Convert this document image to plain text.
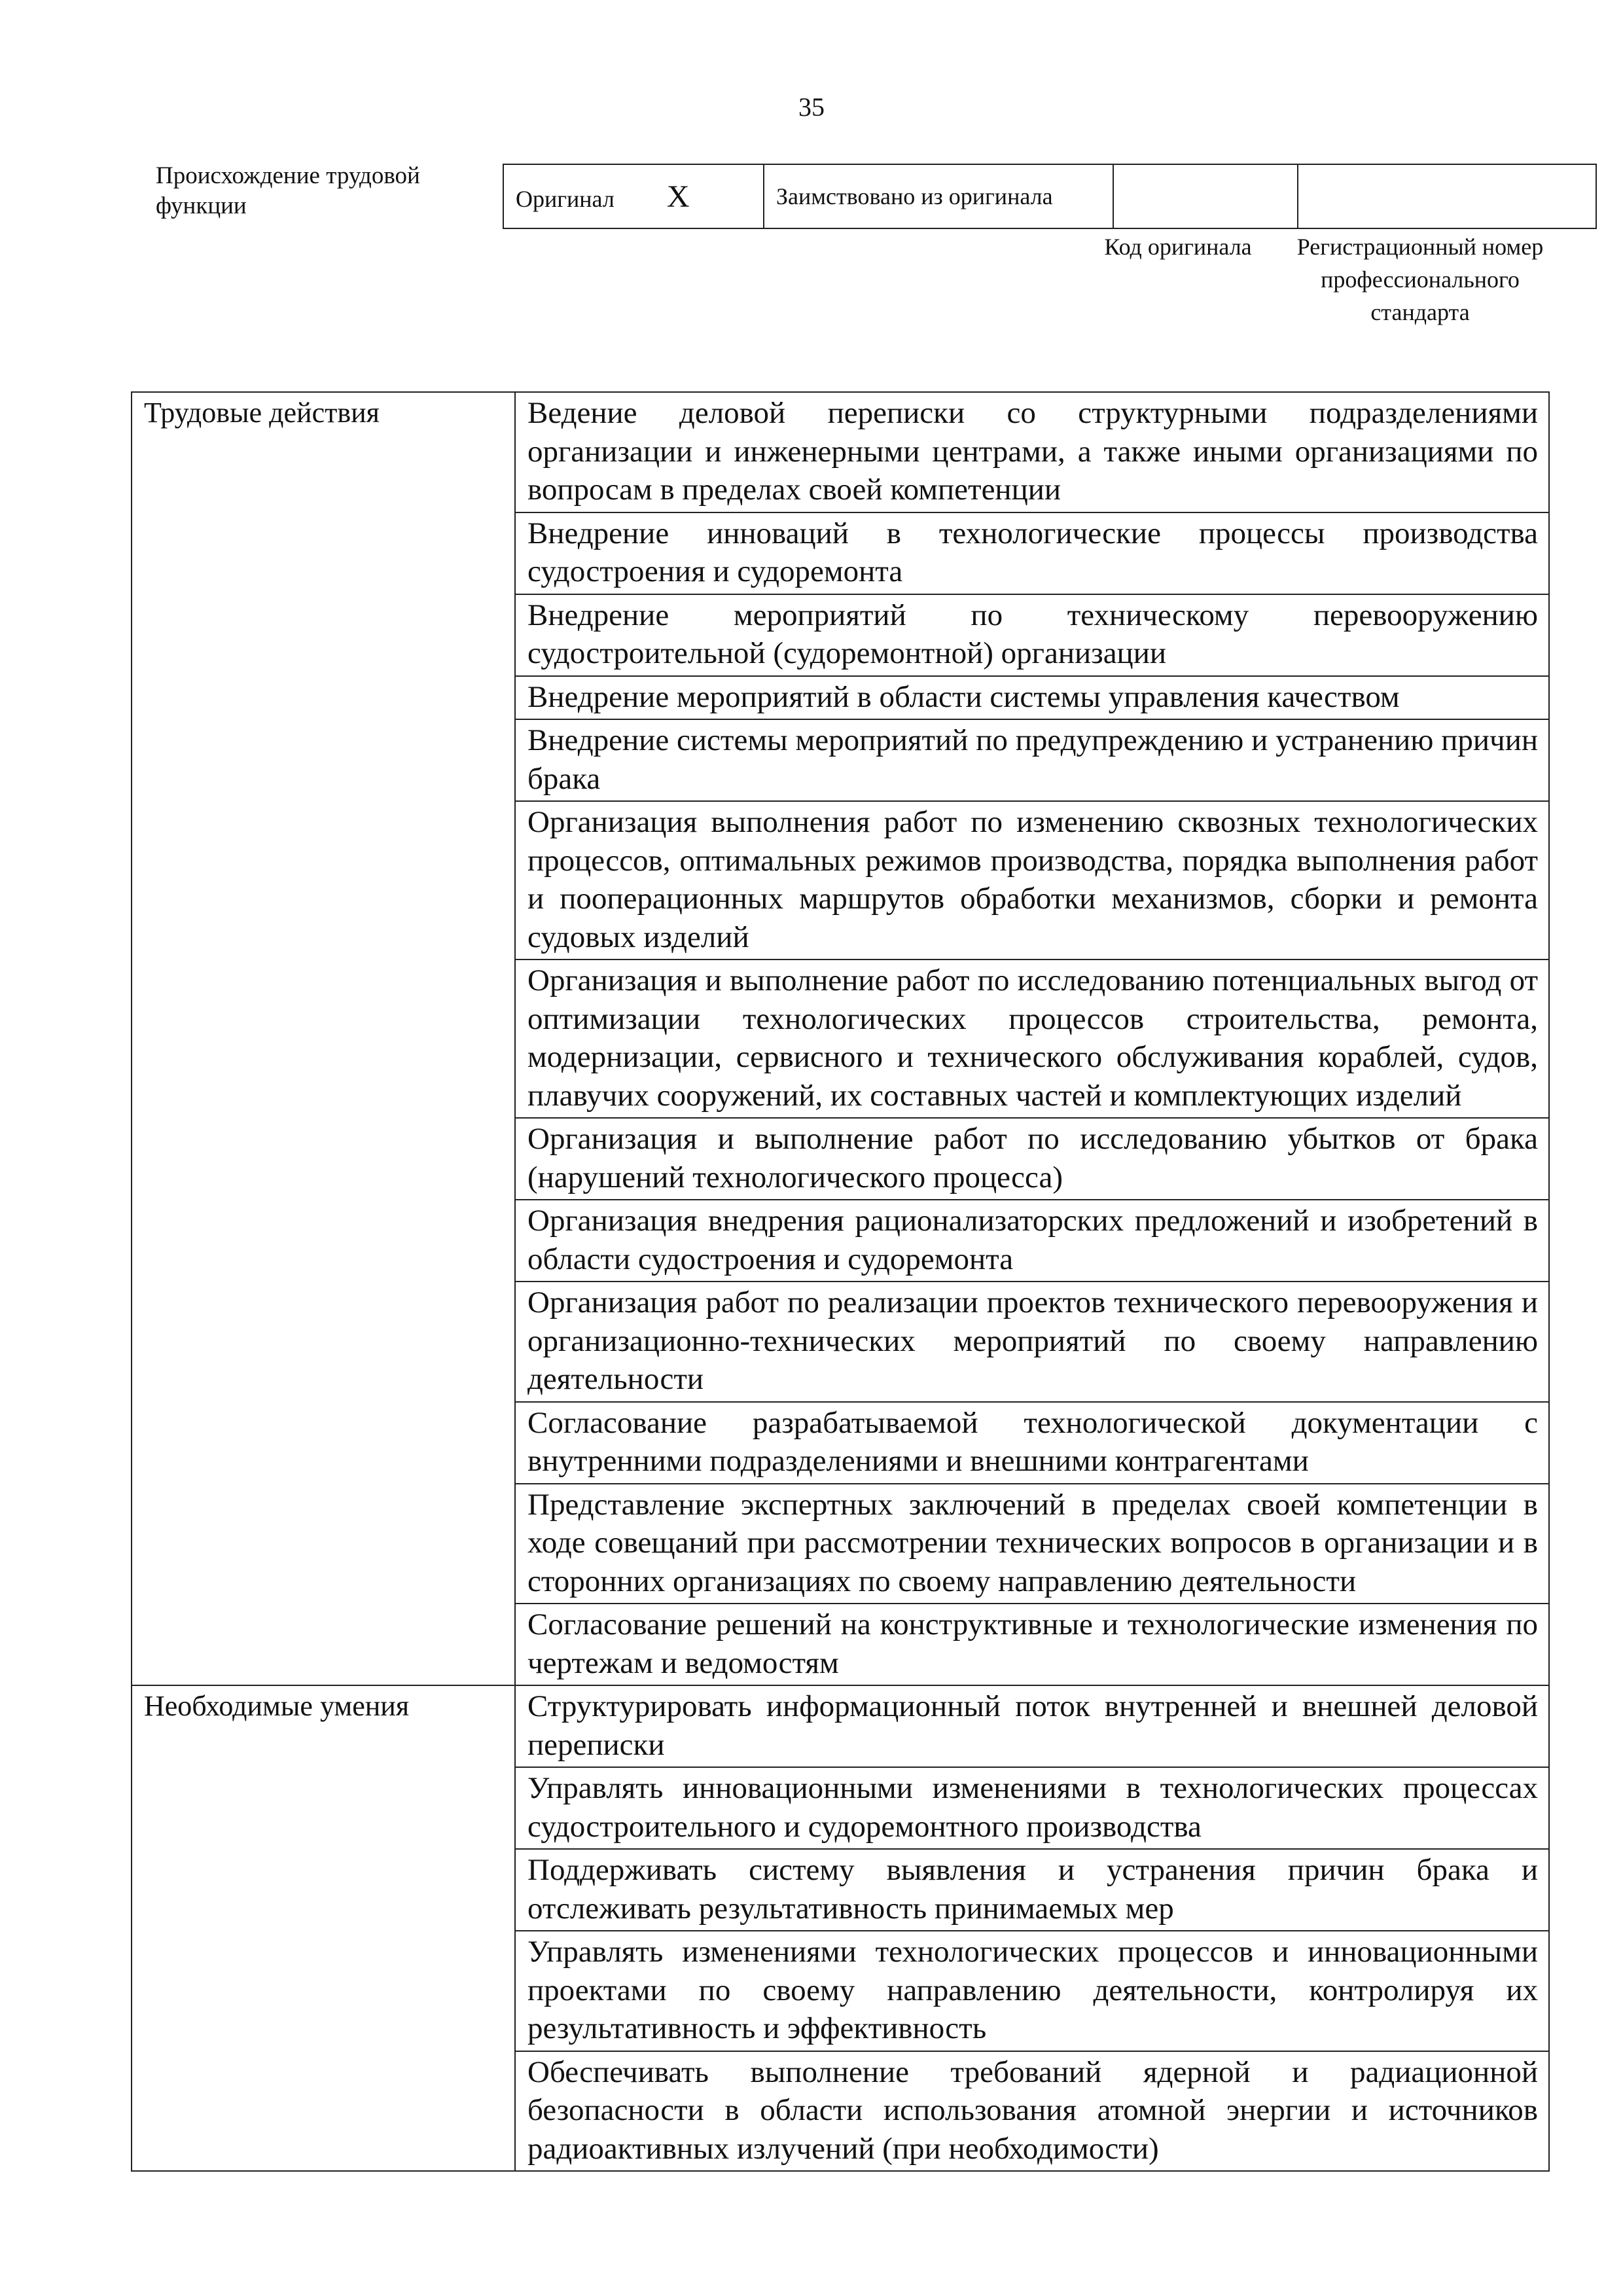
35
Происхождение трудовой функции	Оригинал X	Заимствовано из оригинала		
Код оригинала	Регистрационный номер профессионального стандарта
Трудовые действия	Ведение деловой переписки со структурными подразделениями организации и инженерными центрами, а также иными организациями по вопросам в пределах своей компетенции
	Внедрение инноваций в технологические процессы производства судостроения и судоремонта
	Внедрение мероприятий по техническому перевооружению судостроительной (судоремонтной) организации
	Внедрение мероприятий в области системы управления качеством
	Внедрение системы мероприятий по предупреждению и устранению причин брака
	Организация выполнения работ по изменению сквозных технологических процессов, оптимальных режимов производства, порядка выполнения работ и пооперационных маршрутов обработки механизмов, сборки и ремонта судовых изделий
	Организация и выполнение работ по исследованию потенциальных выгод от оптимизации технологических процессов строительства, ремонта, модернизации, сервисного и технического обслуживания кораблей, судов, плавучих сооружений, их составных частей и комплектующих изделий
	Организация и выполнение работ по исследованию убытков от брака (нарушений технологического процесса)
	Организация внедрения рационализаторских предложений и изобретений в области судостроения и судоремонта
	Организация работ по реализации проектов технического перевооружения и организационно-технических мероприятий по своему направлению деятельности
	Согласование разрабатываемой технологической документации с внутренними подразделениями и внешними контрагентами
	Представление экспертных заключений в пределах своей компетенции в ходе совещаний при рассмотрении технических вопросов в организации и в сторонних организациях по своему направлению деятельности
	Согласование решений на конструктивные и технологические изменения по чертежам и ведомостям
Необходимые умения	Структурировать информационный поток внутренней и внешней деловой переписки
	Управлять инновационными изменениями в технологических процессах судостроительного и судоремонтного производства
	Поддерживать систему выявления и устранения причин брака и отслеживать результативность принимаемых мер
	Управлять изменениями технологических процессов и инновационными проектами по своему направлению деятельности, контролируя их результативность и эффективность
	Обеспечивать выполнение требований ядерной и радиационной безопасности в области использования атомной энергии и источников радиоактивных излучений (при необходимости)
